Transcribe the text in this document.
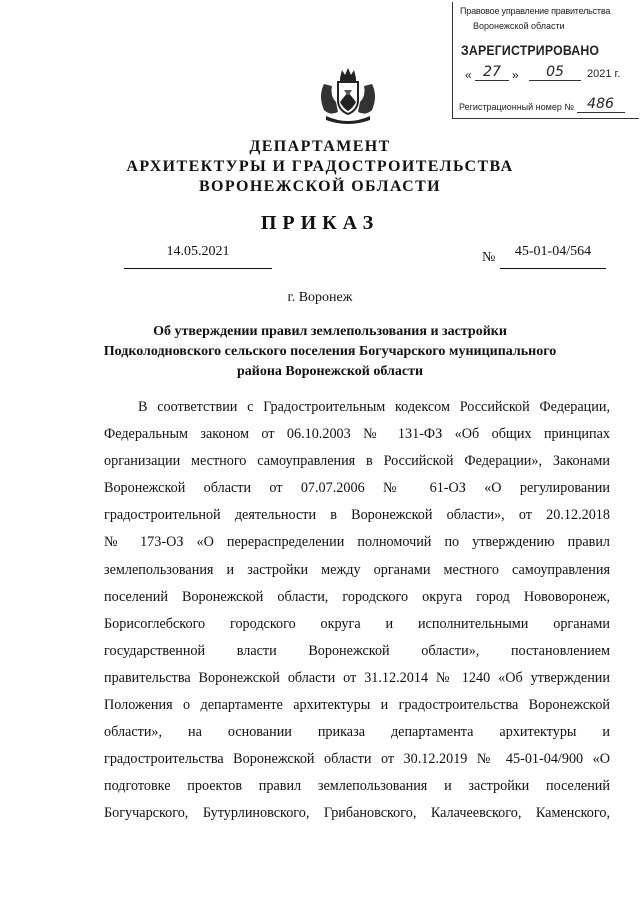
Правовое управление правительства
Воронежской области
ЗАРЕГИСТРИРОВАНО
« 27 »	05	2021 г.
Регистрационный номер № 486
ДЕПАРТАМЕНТ
АРХИТЕКТУРЫ И ГРАДОСТРОИТЕЛЬСТВА
ВОРОНЕЖСКОЙ ОБЛАСТИ
ПРИКАЗ
14.05.2021	№	45-01-04/564
г. Воронеж
Об утверждении правил землепользования и застройки Подколодновского сельского поселения Богучарского муниципального района Воронежской области
В соответствии с Градостроительным кодексом Российской Федерации,
Федеральным законом от 06.10.2003 № 131-ФЗ «Об общих принципах
организации местного самоуправления в Российской Федерации», Законами
Воронежской области от 07.07.2006 № 61-ОЗ «О регулировании
градостроительной деятельности в Воронежской области», от 20.12.2018
№ 173-ОЗ «О перераспределении полномочий по утверждению правил
землепользования и застройки между органами местного самоуправления
поселений Воронежской области, городского округа город Нововоронеж,
Борисоглебского городского округа и исполнительными органами
государственной власти Воронежской области», постановлением
правительства Воронежской области от 31.12.2014 № 1240 «Об утверждении
Положения о департаменте архитектуры и градостроительства Воронежской
области», на основании приказа департамента архитектуры и
градостроительства Воронежской области от 30.12.2019 № 45-01-04/900 «О
подготовке проектов правил землепользования и застройки поселений
Богучарского, Бутурлиновского, Грибановского, Калачеевского, Каменского,
